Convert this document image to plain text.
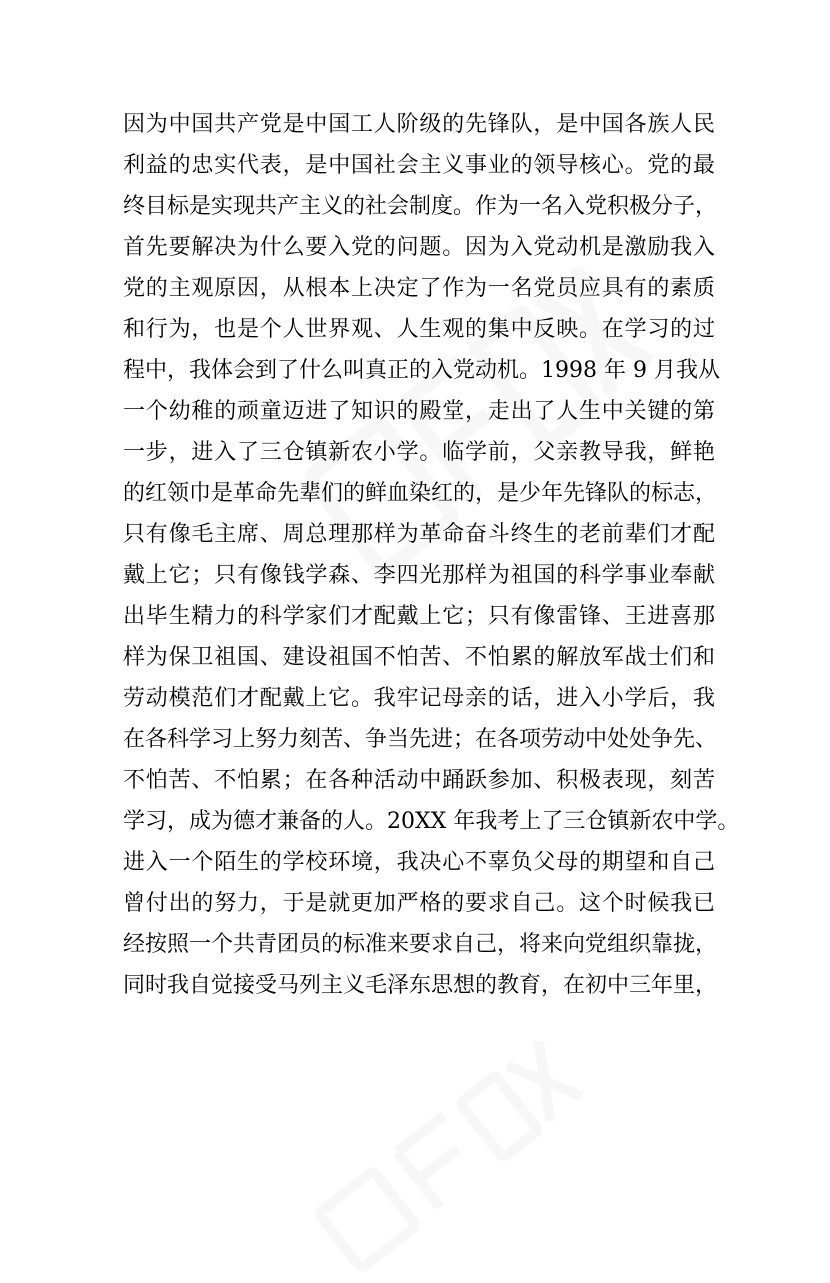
因为中国共产党是中国工人阶级的先锋队，是中国各族人民
利益的忠实代表，是中国社会主义事业的领导核心。党的最
终目标是实现共产主义的社会制度。作为一名入党积极分子，
首先要解决为什么要入党的问题。因为入党动机是激励我入
党的主观原因，从根本上决定了作为一名党员应具有的素质
和行为，也是个人世界观、人生观的集中反映。在学习的过
程中，我体会到了什么叫真正的入党动机。1998 年 9 月我从
一个幼稚的顽童迈进了知识的殿堂，走出了人生中关键的第
一步，进入了三仓镇新农小学。临学前，父亲教导我，鲜艳
的红领巾是革命先辈们的鲜血染红的，是少年先锋队的标志，
只有像毛主席、周总理那样为革命奋斗终生的老前辈们才配
戴上它；只有像钱学森、李四光那样为祖国的科学事业奉献
出毕生精力的科学家们才配戴上它；只有像雷锋、王进喜那
样为保卫祖国、建设祖国不怕苦、不怕累的解放军战士们和
劳动模范们才配戴上它。我牢记母亲的话，进入小学后，我
在各科学习上努力刻苦、争当先进；在各项劳动中处处争先、
不怕苦、不怕累；在各种活动中踊跃参加、积极表现，刻苦
学习，成为德才兼备的人。20XX 年我考上了三仓镇新农中学。
进入一个陌生的学校环境，我决心不辜负父母的期望和自己
曾付出的努力，于是就更加严格的要求自己。这个时候我已
经按照一个共青团员的标准来要求自己，将来向党组织靠拢，
同时我自觉接受马列主义毛泽东思想的教育，在初中三年里，
